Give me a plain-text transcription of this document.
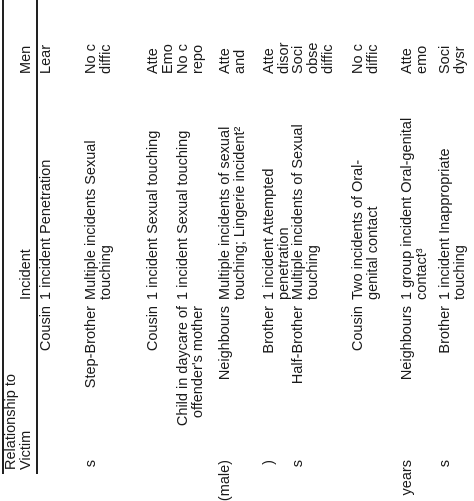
Relationship to Victim
Incident
Men
Cousin
1 incident Penetration
Lear
s
Step-Brother
Multiple incidents Sexual touching
No c diffic
Cousin
1 incident Sexual touching
Atte Emo
Child in daycare of offender's mother
1 incident Sexual touching
No c repo
(male)
Neighbours
Multiple incidents of sexual touching; Lingerie incident²
Atte and
)
Brother
1 incident Attempted penetration
Atte disor
s
Half-Brother
Multiple incidents of Sexual touching
Soci obse diffic
Cousin
Two incidents of Oral- genital contact
No c diffic
years
Neighbours
1 group incident Oral-genital contact³
Atte emo
s
Brother
1 incident Inappropriate touching
Soci dysr
